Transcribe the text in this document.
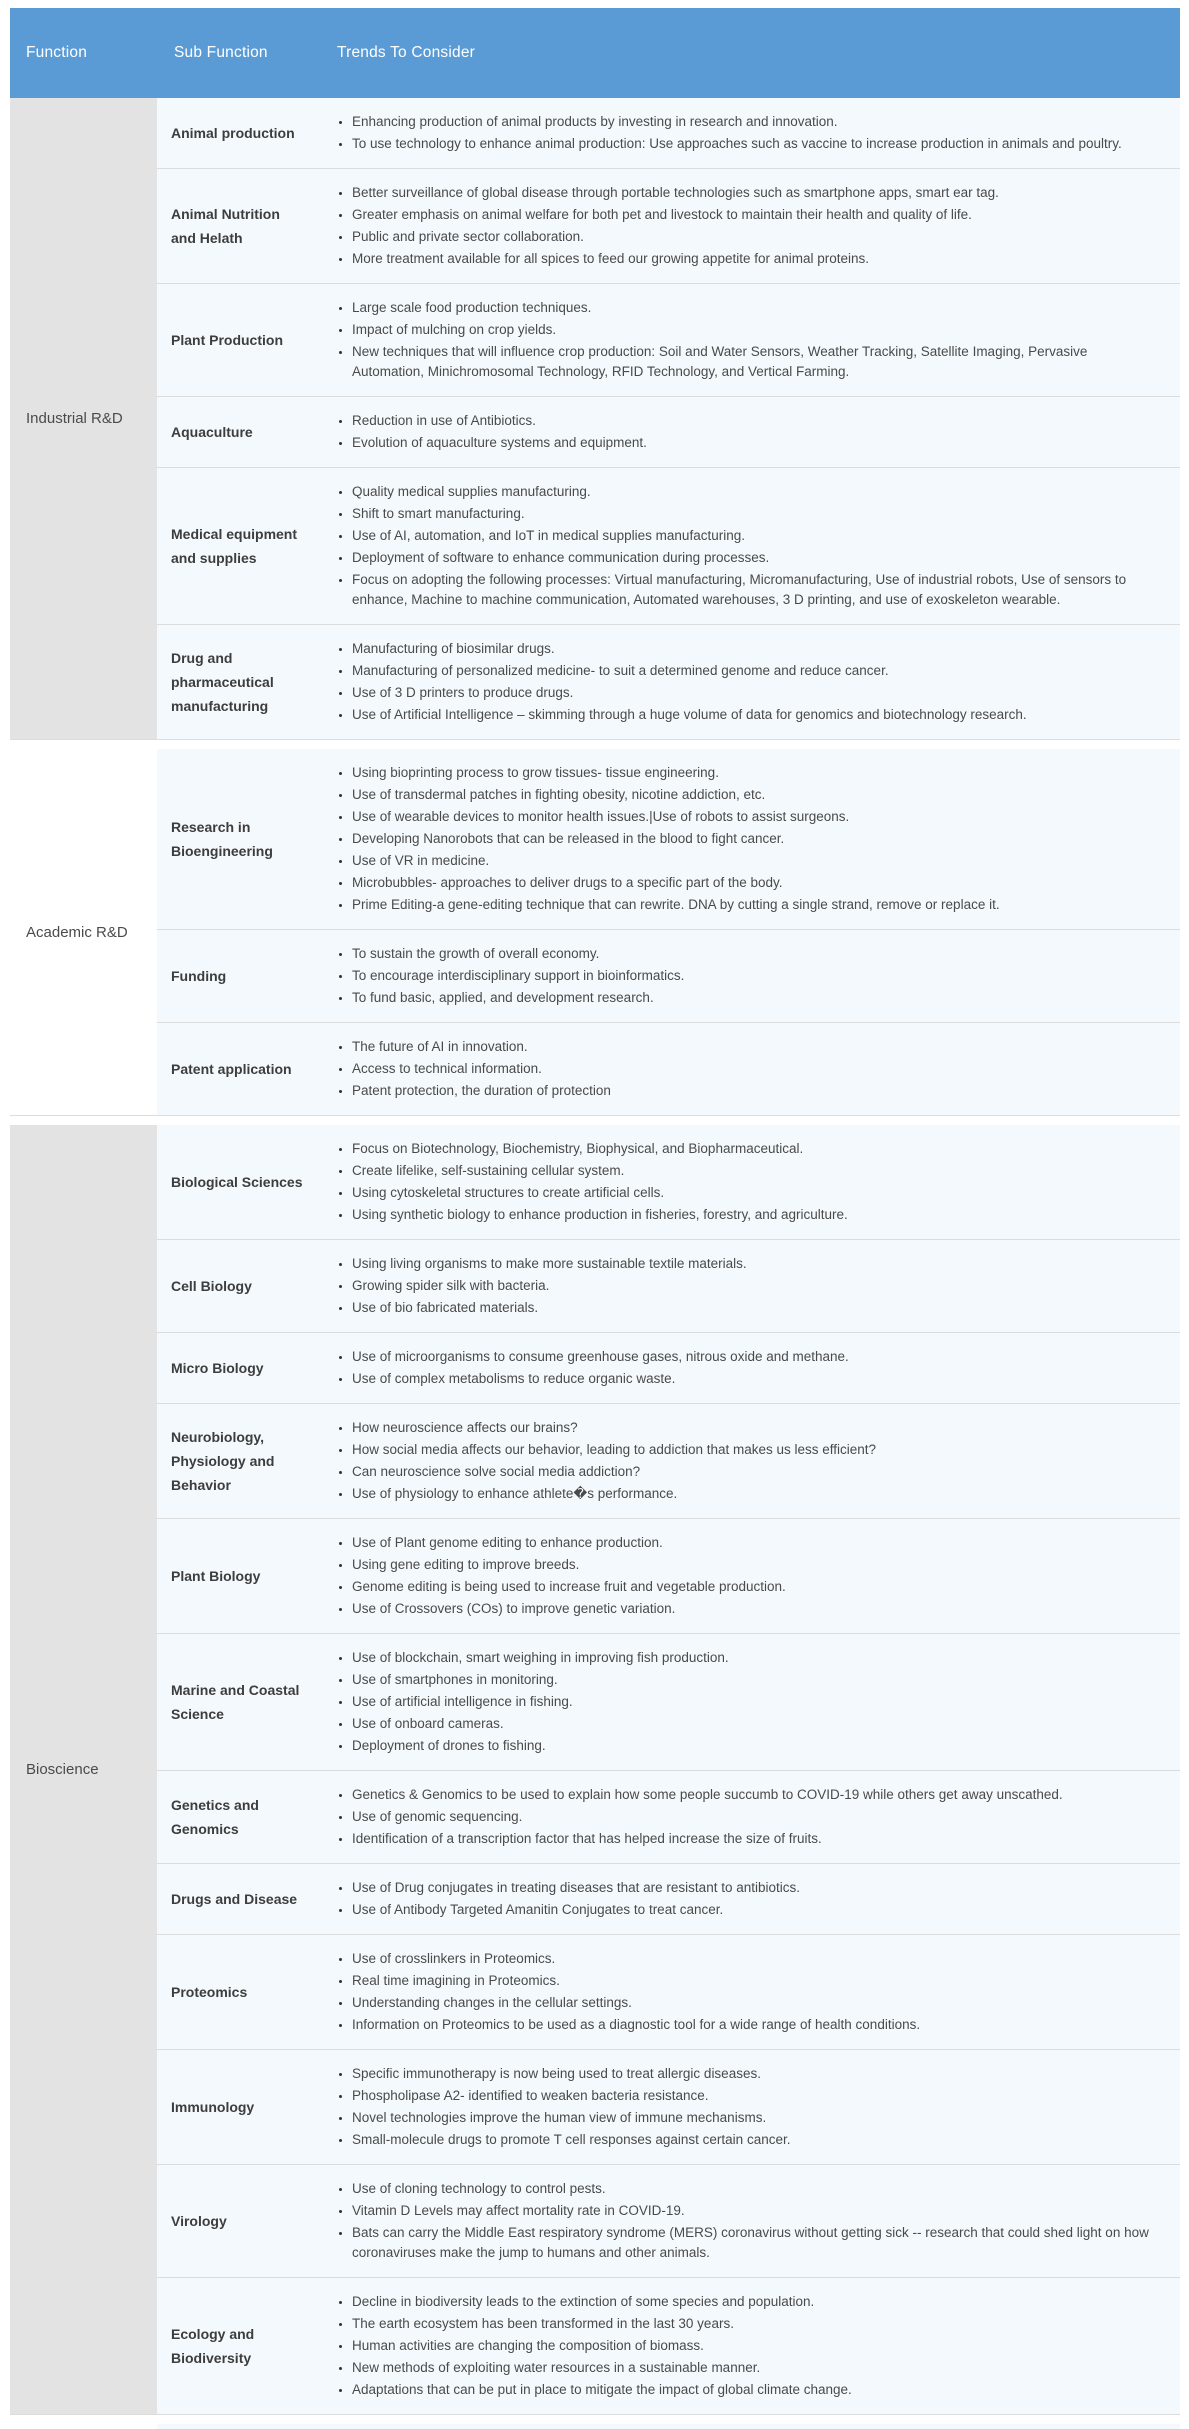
Function	Sub Function	Trends To Consider
Industrial R&D
Animal production
• Enhancing production of animal products by investing in research and innovation.
• To use technology to enhance animal production: Use approaches such as vaccine to increase production in animals and poultry.
Animal Nutrition and Helath
• Better surveillance of global disease through portable technologies such as smartphone apps, smart ear tag.
• Greater emphasis on animal welfare for both pet and livestock to maintain their health and quality of life.
• Public and private sector collaboration.
• More treatment available for all spices to feed our growing appetite for animal proteins.
Plant Production
• Large scale food production techniques.
• Impact of mulching on crop yields.
• New techniques that will influence crop production: Soil and Water Sensors, Weather Tracking, Satellite Imaging, Pervasive Automation, Minichromosomal Technology, RFID Technology, and Vertical Farming.
Aquaculture
• Reduction in use of Antibiotics.
• Evolution of aquaculture systems and equipment.
Medical equipment and supplies
• Quality medical supplies manufacturing.
• Shift to smart manufacturing.
• Use of AI, automation, and IoT in medical supplies manufacturing.
• Deployment of software to enhance communication during processes.
• Focus on adopting the following processes: Virtual manufacturing, Micromanufacturing, Use of industrial robots, Use of sensors to enhance, Machine to machine communication, Automated warehouses, 3 D printing, and use of exoskeleton wearable.
Drug and pharmaceutical manufacturing
• Manufacturing of biosimilar drugs.
• Manufacturing of personalized medicine- to suit a determined genome and reduce cancer.
• Use of 3 D printers to produce drugs.
• Use of Artificial Intelligence – skimming through a huge volume of data for genomics and biotechnology research.
Academic R&D
Research in Bioengineering
• Using bioprinting process to grow tissues- tissue engineering.
• Use of transdermal patches in fighting obesity, nicotine addiction, etc.
• Use of wearable devices to monitor health issues.|Use of robots to assist surgeons.
• Developing Nanorobots that can be released in the blood to fight cancer.
• Use of VR in medicine.
• Microbubbles- approaches to deliver drugs to a specific part of the body.
• Prime Editing-a gene-editing technique that can rewrite. DNA by cutting a single strand, remove or replace it.
Funding
• To sustain the growth of overall economy.
• To encourage interdisciplinary support in bioinformatics.
• To fund basic, applied, and development research.
Patent application
• The future of AI in innovation.
• Access to technical information.
• Patent protection, the duration of protection
Bioscience
Biological Sciences
• Focus on Biotechnology, Biochemistry, Biophysical, and Biopharmaceutical.
• Create lifelike, self-sustaining cellular system.
• Using cytoskeletal structures to create artificial cells.
• Using synthetic biology to enhance production in fisheries, forestry, and agriculture.
Cell Biology
• Using living organisms to make more sustainable textile materials.
• Growing spider silk with bacteria.
• Use of bio fabricated materials.
Micro Biology
• Use of microorganisms to consume greenhouse gases, nitrous oxide and methane.
• Use of complex metabolisms to reduce organic waste.
Neurobiology, Physiology and Behavior
• How neuroscience affects our brains?
• How social media affects our behavior, leading to addiction that makes us less efficient?
• Can neuroscience solve social media addiction?
• Use of physiology to enhance athlete�s performance.
Plant Biology
• Use of Plant genome editing to enhance production.
• Using gene editing to improve breeds.
• Genome editing is being used to increase fruit and vegetable production.
• Use of Crossovers (COs) to improve genetic variation.
Marine and Coastal Science
• Use of blockchain, smart weighing in improving fish production.
• Use of smartphones in monitoring.
• Use of artificial intelligence in fishing.
• Use of onboard cameras.
• Deployment of drones to fishing.
Genetics and Genomics
• Genetics & Genomics to be used to explain how some people succumb to COVID-19 while others get away unscathed.
• Use of genomic sequencing.
• Identification of a transcription factor that has helped increase the size of fruits.
Drugs and Disease
• Use of Drug conjugates in treating diseases that are resistant to antibiotics.
• Use of Antibody Targeted Amanitin Conjugates to treat cancer.
Proteomics
• Use of crosslinkers in Proteomics.
• Real time imagining in Proteomics.
• Understanding changes in the cellular settings.
• Information on Proteomics to be used as a diagnostic tool for a wide range of health conditions.
Immunology
• Specific immunotherapy is now being used to treat allergic diseases.
• Phospholipase A2- identified to weaken bacteria resistance.
• Novel technologies improve the human view of immune mechanisms.
• Small-molecule drugs to promote T cell responses against certain cancer.
Virology
• Use of cloning technology to control pests.
• Vitamin D Levels may affect mortality rate in COVID-19.
• Bats can carry the Middle East respiratory syndrome (MERS) coronavirus without getting sick -- research that could shed light on how coronaviruses make the jump to humans and other animals.
Ecology and Biodiversity
• Decline in biodiversity leads to the extinction of some species and population.
• The earth ecosystem has been transformed in the last 30 years.
• Human activities are changing the composition of biomass.
• New methods of exploiting water resources in a sustainable manner.
• Adaptations that can be put in place to mitigate the impact of global climate change.
